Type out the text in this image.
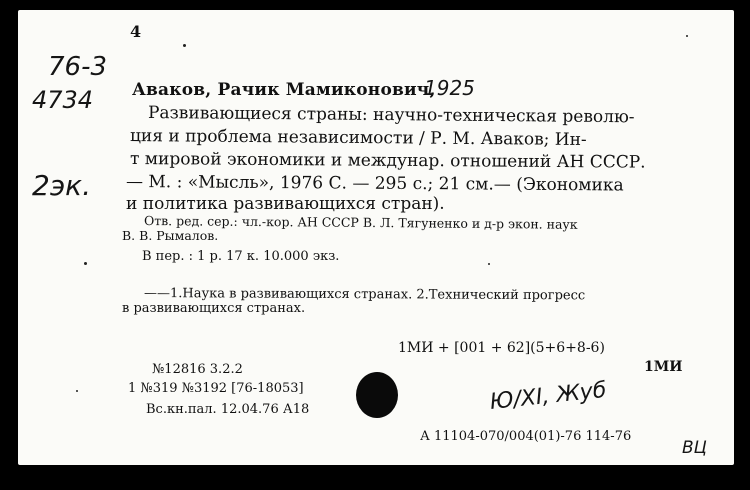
4
76-3
4734
2эк.
Аваков, Рачик Мамиконович,
1925
Развивающиеся страны: научно-техническая револю-
ция и проблема независимости / Р. М. Аваков; Ин-
т мировой экономики и междунар. отношений АН СССР.
— М. : «Мысль», 1976 С. — 295 с.; 21 см.— (Экономика
и политика развивающихся стран).
Отв. ред. сер.: чл.-кор. АН СССР В. Л. Тягуненко и д-р экон. наук
В. В. Рымалов.
В пер. : 1 р. 17 к. 10.000 экз.
——1.Наука в развивающихся странах. 2.Технический прогресс
в развивающихся странах.
1МИ + [001 + 62](5+6+8-6)
1МИ
№12816 3.2.2
1 №319 №3192 [76-18053]
Вс.кн.пал. 12.04.76 А18	Ю/ХI, Жуб
А 11104-070/004(01)-76 114-76
ВЦ
